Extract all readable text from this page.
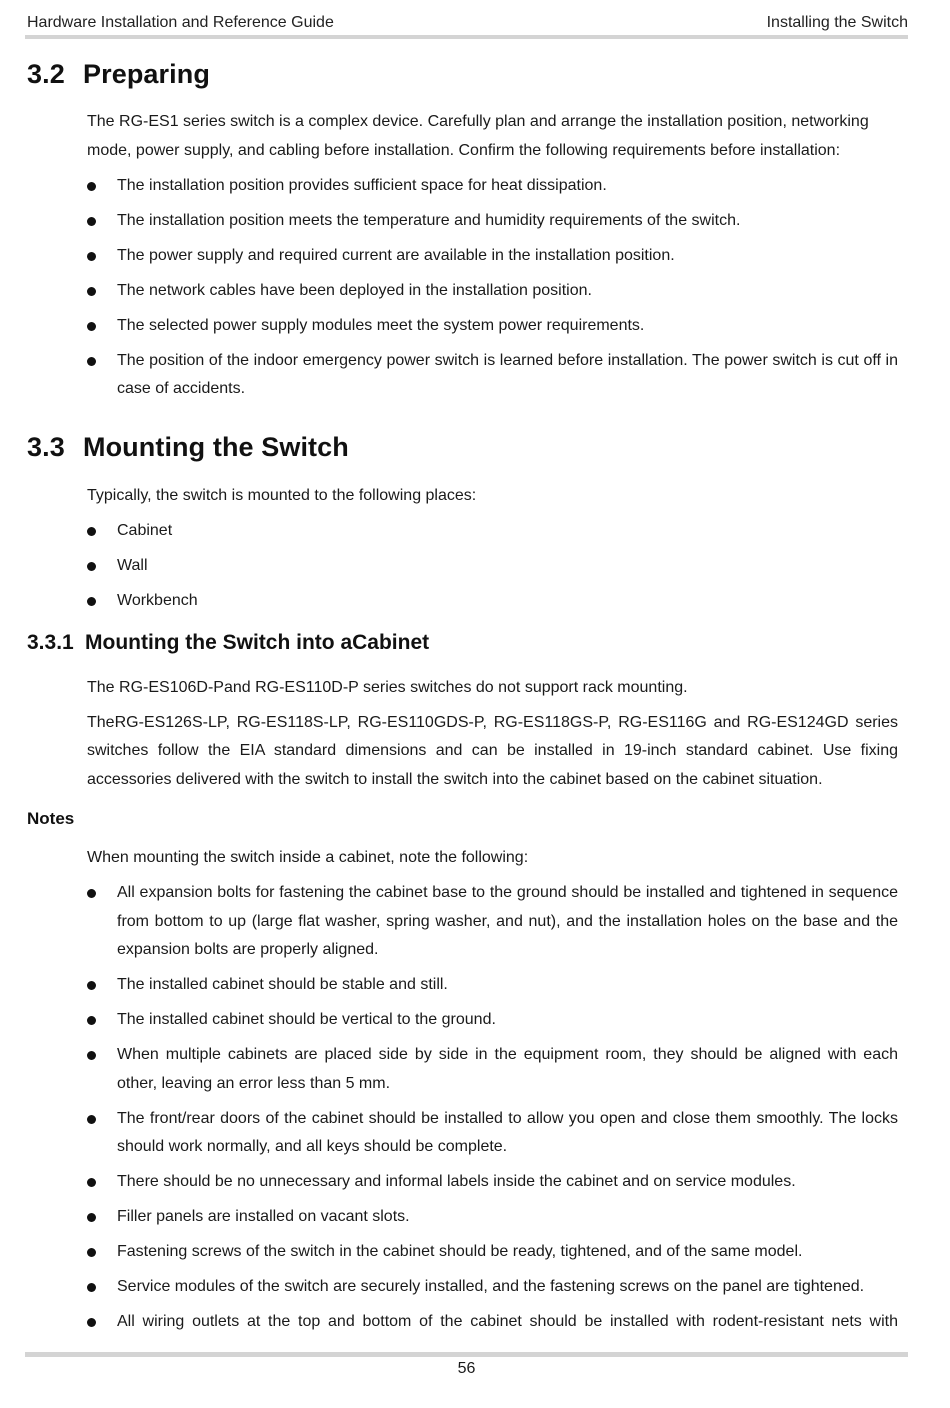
Hardware Installation and Reference Guide	Installing the Switch
3.2 Preparing

The RG-ES1 series switch is a complex device. Carefully plan and arrange the installation position, networking mode, power supply, and cabling before installation. Confirm the following requirements before installation:

The installation position provides sufficient space for heat dissipation.
The installation position meets the temperature and humidity requirements of the switch.
The power supply and required current are available in the installation position.
The network cables have been deployed in the installation position.
The selected power supply modules meet the system power requirements.
The position of the indoor emergency power switch is learned before installation. The power switch is cut off in case of accidents.
3.3 Mounting the Switch

Typically, the switch is mounted to the following places:

Cabinet
Wall
Workbench
3.3.1 Mounting the Switch into aCabinet

The RG-ES106D-Pand RG-ES110D-P series switches do not support rack mounting.

TheRG-ES126S-LP, RG-ES118S-LP, RG-ES110GDS-P, RG-ES118GS-P, RG-ES116G and RG-ES124GD series switches follow the EIA standard dimensions and can be installed in 19-inch standard cabinet. Use fixing accessories delivered with the switch to install the switch into the cabinet based on the cabinet situation.

Notes

When mounting the switch inside a cabinet, note the following:

All expansion bolts for fastening the cabinet base to the ground should be installed and tightened in sequence from bottom to up (large flat washer, spring washer, and nut), and the installation holes on the base and the expansion bolts are properly aligned.
The installed cabinet should be stable and still.
The installed cabinet should be vertical to the ground.
When multiple cabinets are placed side by side in the equipment room, they should be aligned with each other, leaving an error less than 5 mm.
The front/rear doors of the cabinet should be installed to allow you open and close them smoothly. The locks should work normally, and all keys should be complete.
There should be no unnecessary and informal labels inside the cabinet and on service modules.
Filler panels are installed on vacant slots.
Fastening screws of the switch in the cabinet should be ready, tightened, and of the same model.
Service modules of the switch are securely installed, and the fastening screws on the panel are tightened.
All wiring outlets at the top and bottom of the cabinet should be installed with rodent-resistant nets with
56
